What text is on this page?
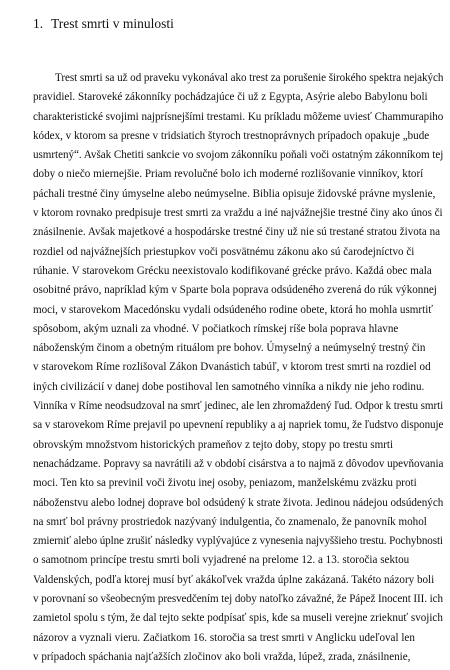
1. Trest smrti v minulosti
Trest smrti sa už od praveku vykonával ako trest za porušenie širokého spektra nejakých
pravidiel. Staroveké zákonníky pochádzajúce či už z Egypta, Asýrie alebo Babylonu boli
charakteristické svojimi najprísnejšími trestami. Ku príkladu môžeme uviesť Chammurapiho
kódex, v ktorom sa presne v tridsiatich štyroch trestnoprávnych prípadoch opakuje „bude
usmrtený“. Avšak Chetiti sankcie vo svojom zákonníku poňali voči ostatným zákonníkom tej
doby o niečo miernejšie. Priam revolučné bolo ich moderné rozlišovanie vinníkov, ktorí
páchali trestné činy úmyselne alebo neúmyselne. Biblia opisuje židovské právne myslenie,
v ktorom rovnako predpisuje trest smrti za vraždu a iné najvážnejšie trestné činy ako únos či
znásilnenie. Avšak majetkové a hospodárske trestné činy už nie sú trestané stratou života na
rozdiel od najvážnejších priestupkov voči posvätnému zákonu ako sú čarodejníctvo či
rúhanie. V starovekom Grécku neexistovalo kodifikované grécke právo. Každá obec mala
osobitné právo, napríklad kým v Sparte bola poprava odsúdeného zverená do rúk výkonnej
moci, v starovekom Macedónsku vydali odsúdeného rodine obete, ktorá ho mohla usmrtiť
spôsobom, akým uznali za vhodné. V počiatkoch rímskej ríše bola poprava hlavne
náboženským činom a obetným rituálom pre bohov. Úmyselný a neúmyselný trestný čin
v starovekom Ríme rozlišoval Zákon Dvanástich tabúľ, v ktorom trest smrti na rozdiel od
iných civilizácií v danej dobe postihoval len samotného vinníka a nikdy nie jeho rodinu.
Vinníka v Ríme neodsudzoval na smrť jedinec, ale len zhromaždený ľud. Odpor k trestu smrti
sa v starovekom Ríme prejavil po upevnení republiky a aj napriek tomu, že ľudstvo disponuje
obrovským množstvom historických prameňov z tejto doby, stopy po trestu smrti
nenachádzame. Popravy sa navrátili až v období cisárstva a to najmä z dôvodov upevňovania
moci. Ten kto sa previnil voči životu inej osoby, peniazom, manželskému zväzku proti
náboženstvu alebo lodnej doprave bol odsúdený k strate života. Jedinou nádejou odsúdených
na smrť bol právny prostriedok nazývaný indulgentia, čo znamenalo, že panovník mohol
zmierniť alebo úplne zrušiť následky vyplývajúce z vynesenia najvyššieho trestu. Pochybnosti
o samotnom princípe trestu smrti boli vyjadrené na prelome 12. a 13. storočia sektou
Valdenských, podľa ktorej musí byť akákoľvek vražda úplne zakázaná. Takéto názory boli
v porovnaní so všeobecným presvedčením tej doby natoľko závažné, že Pápež Inocent III. ich
zamietol spolu s tým, že dal tejto sekte podpísať spis, kde sa museli verejne zrieknuť svojich
názorov a vyznali vieru. Začiatkom 16. storočia sa trest smrti v Anglicku udeľoval len
v prípadoch spáchania najťažších zločinov ako boli vražda, lúpež, zrada, znásilnenie,
